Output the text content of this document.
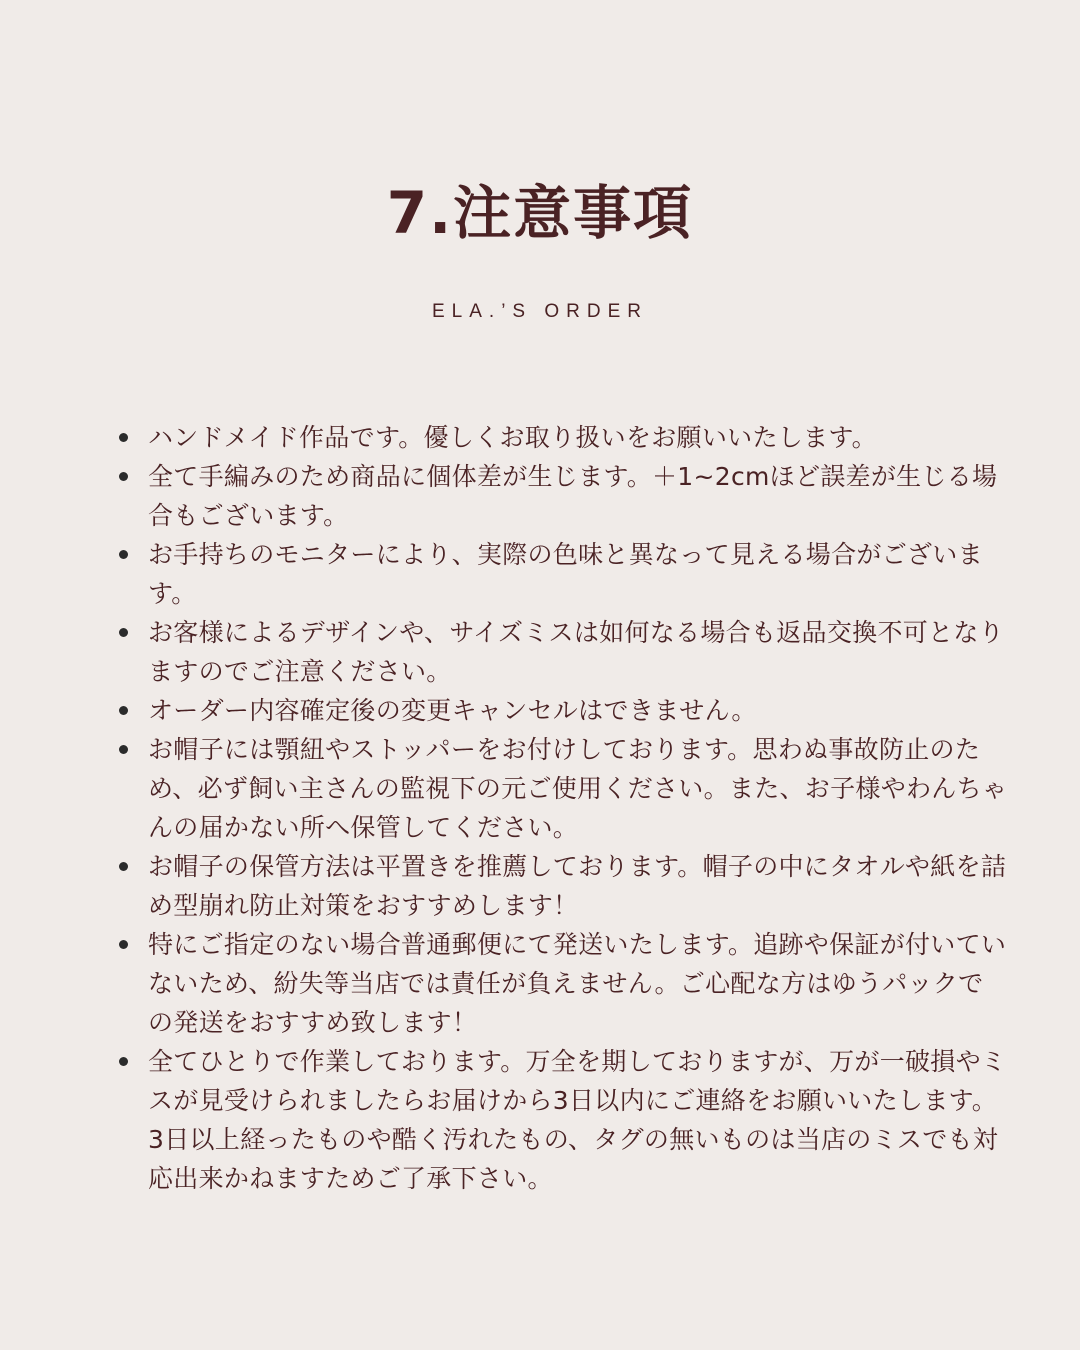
7.注意事項

ELA.’S ORDER

ハンドメイド作品です。優しくお取り扱いをお願いいたします。
全て手編みのため商品に個体差が生じます。＋1~2cmほど誤差が生じる場合もございます。
お手持ちのモニターにより、実際の色味と異なって見える場合がございます。
お客様によるデザインや、サイズミスは如何なる場合も返品交換不可となりますのでご注意ください。
オーダー内容確定後の変更キャンセルはできません。
お帽子には顎紐やストッパーをお付けしております。思わぬ事故防止のため、必ず飼い主さんの監視下の元ご使用ください。また、お子様やわんちゃんの届かない所へ保管してください。
お帽子の保管方法は平置きを推薦しております。帽子の中にタオルや紙を詰め型崩れ防止対策をおすすめします！
特にご指定のない場合普通郵便にて発送いたします。追跡や保証が付いていないため、紛失等当店では責任が負えません。ご心配な方はゆうパックでの発送をおすすめ致します！
全てひとりで作業しております。万全を期しておりますが、万が一破損やミスが見受けられましたらお届けから3日以内にご連絡をお願いいたします。3日以上経ったものや酷く汚れたもの、タグの無いものは当店のミスでも対応出来かねますためご了承下さい。
